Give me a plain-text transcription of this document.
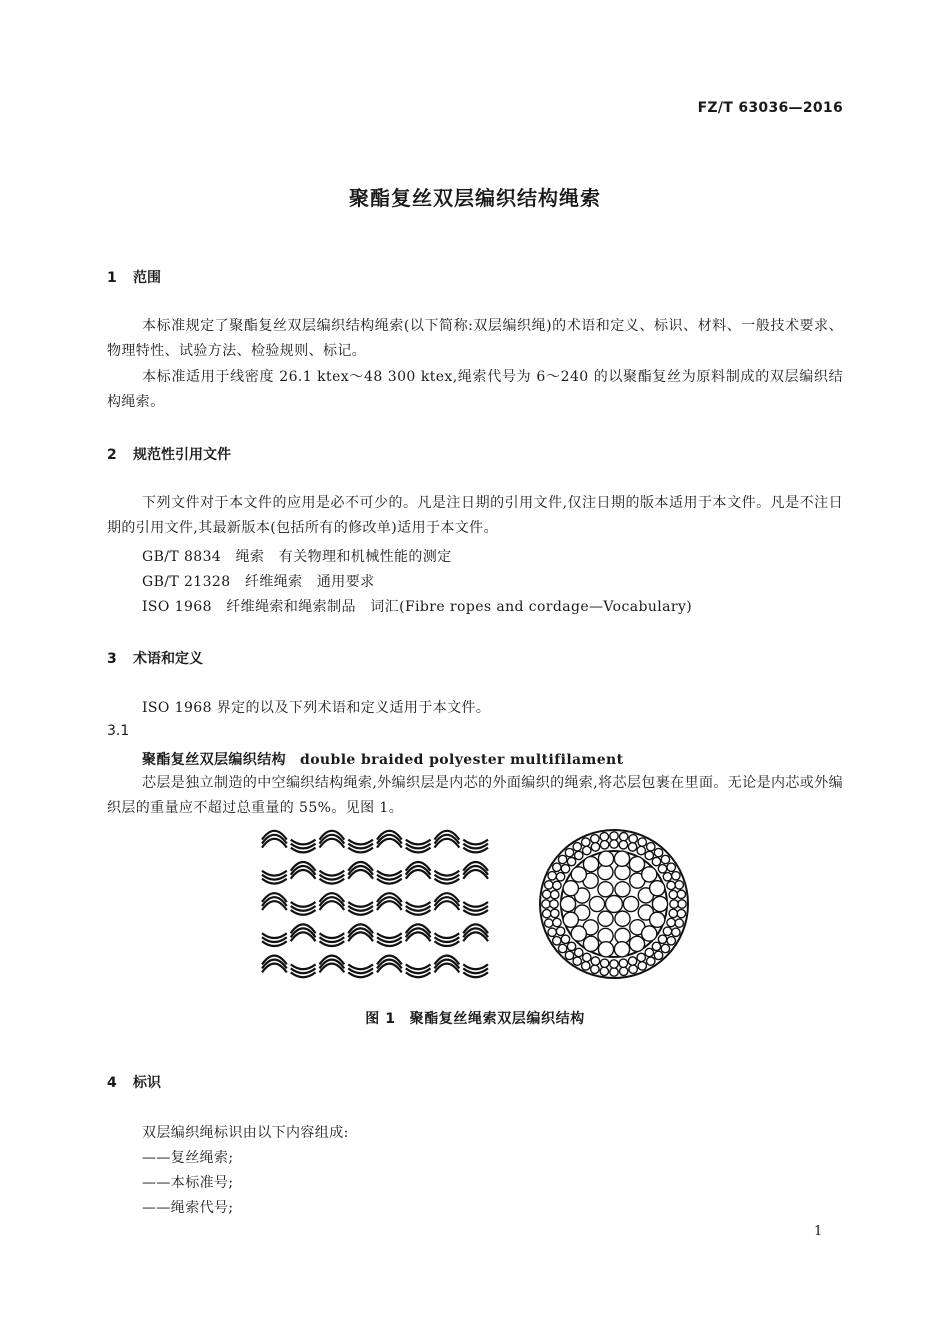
FZ/T 63036—2016
聚酯复丝双层编织结构绳索
1 范围
本标准规定了聚酯复丝双层编织结构绳索(以下简称:双层编织绳)的术语和定义、标识、材料、一般技术要求、物理特性、试验方法、检验规则、标记。
本标准适用于线密度 26.1 ktex～48 300 ktex,绳索代号为 6～240 的以聚酯复丝为原料制成的双层编织结构绳索。
2 规范性引用文件
下列文件对于本文件的应用是必不可少的。凡是注日期的引用文件,仅注日期的版本适用于本文件。凡是不注日期的引用文件,其最新版本(包括所有的修改单)适用于本文件。
GB/T 8834　绳索　有关物理和机械性能的测定
GB/T 21328　纤维绳索　通用要求
ISO 1968　纤维绳索和绳索制品　词汇(Fibre ropes and cordage—Vocabulary)
3 术语和定义
ISO 1968 界定的以及下列术语和定义适用于本文件。
3.1
聚酯复丝双层编织结构 double braided polyester multifilament
芯层是独立制造的中空编织结构绳索,外编织层是内芯的外面编织的绳索,将芯层包裹在里面。无论是内芯或外编织层的重量应不超过总重量的 55%。见图 1。
图 1 聚酯复丝绳索双层编织结构
4 标识
双层编织绳标识由以下内容组成:
——复丝绳索;
——本标准号;
——绳索代号;
1
